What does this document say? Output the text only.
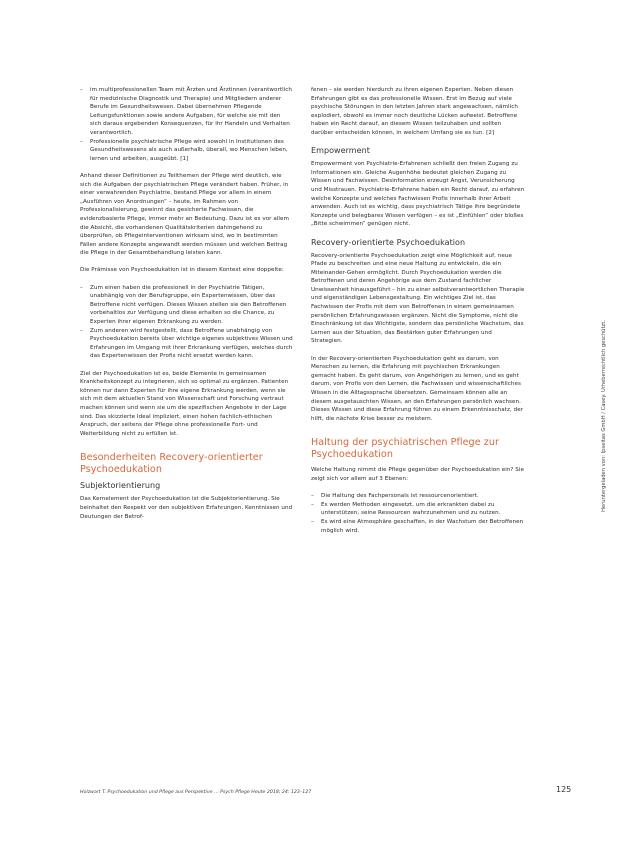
– im multiprofessionellen Team mit Ärzten und Ärztinnen (verantwortlich für medizinische Diagnostik und Therapie) und Mitgliedern anderer Berufe im Gesundheitswesen. Dabei übernehmen Pflegende Leitungsfunktionen sowie andere Aufgaben, für welche sie mit den sich daraus ergebenden Konsequenzen, für ihr Handeln und Verhalten verantwortlich.
– Professionelle psychiatrische Pflege wird sowohl in Institutionen des Gesundheitswesens als auch außerhalb, überall, wo Menschen leben, lernen und arbeiten, ausgeübt. [1]

Anhand dieser Definitionen zu Teilthemen der Pflege wird deutlich, wie sich die Aufgaben der psychiatrischen Pflege verändert haben. Früher, in einer verwahrenden Psychiatrie, bestand Pflege vor allem in einem „Ausführen von Anordnungen“ – heute, im Rahmen von Professionalisierung, gewinnt das gesicherte Fachwissen, die evidenzbasierte Pflege, immer mehr an Bedeutung. Dazu ist es vor allem die Absicht, die vorhandenen Qualitätskriterien dahingehend zu überprüfen, ob Pflegeinterventionen wirksam sind, wo in bestimmten Fällen andere Konzepte angewandt werden müssen und welchen Beitrag die Pflege in der Gesamtbehandlung leisten kann.

Die Prämisse von Psychoedukation ist in diesem Kontext eine doppelte:

– Zum einen haben die professionell in der Psychiatrie Tätigen, unabhängig von der Berufsgruppe, ein Expertenwissen, über das Betroffene nicht verfügen. Dieses Wissen stellen sie den Betroffenen vorbehaltlos zur Verfügung und diese erhalten so die Chance, zu Experten ihrer eigenen Erkrankung zu werden.
– Zum anderen wird festgestellt, dass Betroffene unabhängig von Psychoedukation bereits über wichtige eigenes subjektives Wissen und Erfahrungen im Umgang mit ihrer Erkrankung verfügen, welches durch das Expertenwissen der Profis nicht ersetzt werden kann.

Ziel der Psychoedukation ist es, beide Elemente in gemeinsamen Krankheitskonzept zu integrieren, sich so optimal zu ergänzen. Patienten können nur dann Experten für ihre eigene Erkrankung werden, wenn sie sich mit dem aktuellen Stand von Wissenschaft und Forschung vertraut machen können und wenn sie um die spezifischen Angebote in der Lage sind. Das skizzierte Ideal impliziert, einen hohen fachlich-ethischen Anspruch, der seitens der Pflege ohne professionelle Fort- und Weiterbildung nicht zu erfüllen ist.

Besonderheiten Recovery-orientierter Psychoedukation
Subjektorientierung

Das Kernelement der Psychoedukation ist die Subjektorientierung. Sie beinhaltet den Respekt vor den subjektiven Erfahrungen, Kenntnissen und Deutungen der Betrof-

fenen – sie werden hierdurch zu ihren eigenen Experten. Neben diesen Erfahrungen gibt es das professionelle Wissen. Erst im Bezug auf viele psychische Störungen in den letzten Jahren stark angewachsen, nämlich explodiert, obwohl es immer noch deutliche Lücken aufweist. Betroffene haben ein Recht darauf, an diesem Wissen teilzuhaben und sollten darüber entscheiden können, in welchem Umfang sie es tun. [2]

Empowerment

Empowerment von Psychiatrie-Erfahrenen schließt den freien Zugang zu Informationen ein. Gleiche Augenhöhe bedeutet gleichen Zugang zu Wissen und Fachwissen. Desinformation erzeugt Angst, Verunsicherung und Misstrauen. Psychiatrie-Erfahrene haben ein Recht darauf, zu erfahren welche Konzepte und welches Fachwissen Profis innerhalb ihrer Arbeit anwenden. Auch ist es wichtig, dass psychiatrisch Tätige ihre begründete Konzepte und belegbares Wissen verfügen – es ist „Einfühlen“ oder bloßes „Bitte schwimmen“ genügen nicht.

Recovery-orientierte Psychoedukation

Recovery-orientierte Psychoedukation zeigt eine Möglichkeit auf, neue Pfade zu beschreiten und eine neue Haltung zu entwickeln, die ein Miteinander-Gehen ermöglicht. Durch Psychoedukation werden die Betroffenen und deren Angehörige aus dem Zustand fachlicher Unwissenheit hinausgeführt – hin zu einer selbstverantwortlichen Therapie und eigenständigen Lebensgestaltung. Ein wichtiges Ziel ist, das Fachwissen der Profis mit dem von Betroffenen in einem gemeinsamen persönlichen Erfahrungswissen ergänzen. Nicht die Symptome, nicht die Einschränkung ist das Wichtigste, sondern das persönliche Wachstum, das Lernen aus der Situation, das Bestärken guter Erfahrungen und Strategien.

In der Recovery-orientierten Psychoedukation geht es darum, von Menschen zu lernen, die Erfahrung mit psychischen Erkrankungen gemacht haben. Es geht darum, von Angehörigen zu lernen, und es geht darum, von Profis von den Lernen, die Fachwissen und wissenschaftliches Wissen in die Alltagssprache übersetzen. Gemeinsam können alle an diesem ausgetauschten Wissen, an den Erfahrungen persönlich wachsen. Dieses Wissen und diese Erfahrung führen zu einem Erkenntnisschatz, der hilft, die nächste Krise besser zu meistern.

Haltung der psychiatrischen Pflege zur Psychoedukation

Welche Haltung nimmt die Pflege gegenüber der Psychoedukation ein? Sie zeigt sich vor allem auf 3 Ebenen:

– Die Haltung des Fachpersonals ist ressourcenorientiert.
– Es werden Methoden eingesetzt, um die erkrankten dabei zu unterstützen, seine Ressourcen wahrzunehmen und zu nutzen.
– Es wird eine Atmosphäre geschaffen, in der Wachstum der Betroffenen möglich wird.
Heruntergeladen von: Ipseitas GmbH / Casey. Urheberrechtlich geschützt.
Holzwart T. Psychoedukation und Pflege aus Perspektive … Psych Pflege Heute 2018; 24: 123–127	125
